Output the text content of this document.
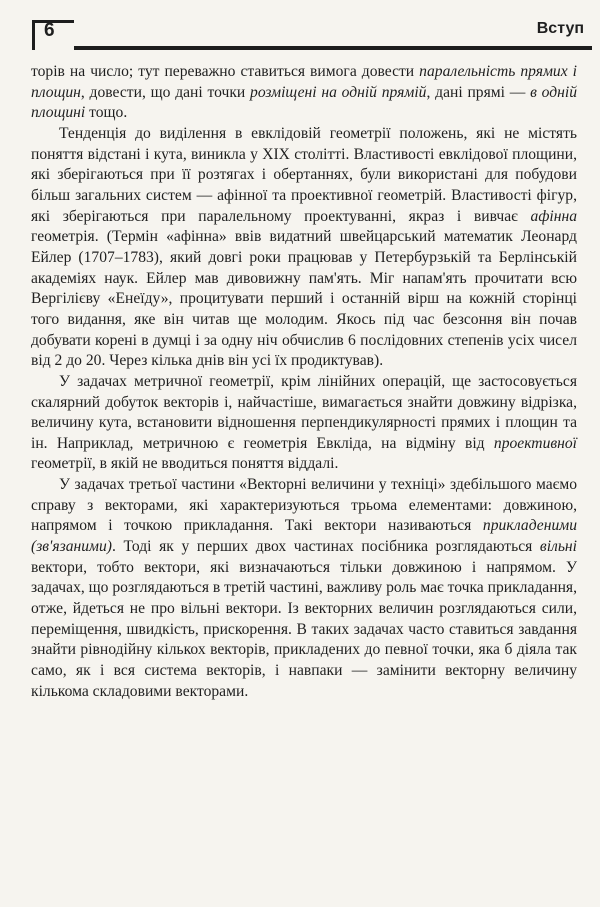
6	Вступ

торів на число; тут переважно ставиться вимога довести паралельність прямих і площин, довести, що дані точки розміщені на одній прямій, дані прямі — в одній площині тощо.

Тенденція до виділення в евклідовій геометрії положень, які не містять поняття відстані і кута, виникла у XIX столітті. Властивості евклідової площини, які зберігаються при її розтягах і обертаннях, були використані для побудови більш загальних систем — афінної та проективної геометрій. Властивості фігур, які зберігаються при паралельному проектуванні, якраз і вивчає афінна геометрія. (Термін «афінна» ввів видатний швейцарський математик Леонард Ейлер (1707–1783), який довгі роки працював у Петербурзькій та Берлінській академіях наук. Ейлер мав дивовижну пам'ять. Міг напам'ять прочитати всю Вергілієву «Енеїду», процитувати перший і останній вірш на кожній сторінці того видання, яке він читав ще молодим. Якось під час безсоння він почав добувати корені в думці і за одну ніч обчислив 6 послідовних степенів усіх чисел від 2 до 20. Через кілька днів він усі їх продиктував).

У задачах метричної геометрії, крім лінійних операцій, ще застосовується скалярний добуток векторів і, найчастіше, вимагається знайти довжину відрізка, величину кута, встановити відношення перпендикулярності прямих і площин та ін. Наприклад, метричною є геометрія Евкліда, на відміну від проективної геометрії, в якій не вводиться поняття віддалі.

У задачах третьої частини «Векторні величини у техніці» здебільшого маємо справу з векторами, які характеризуються трьома елементами: довжиною, напрямом і точкою прикладання. Такі вектори називаються прикладеними (зв'язаними). Тоді як у перших двох частинах посібника розглядаються вільні вектори, тобто вектори, які визначаються тільки довжиною і напрямом. У задачах, що розглядаються в третій частині, важливу роль має точка прикладання, отже, йдеться не про вільні вектори. Із векторних величин розглядаються сили, переміщення, швидкість, прискорення. В таких задачах часто ставиться завдання знайти рівнодійну кількох векторів, прикладених до певної точки, яка б діяла так само, як і вся система векторів, і навпаки — замінити векторну величину кількома складовими векторами.
